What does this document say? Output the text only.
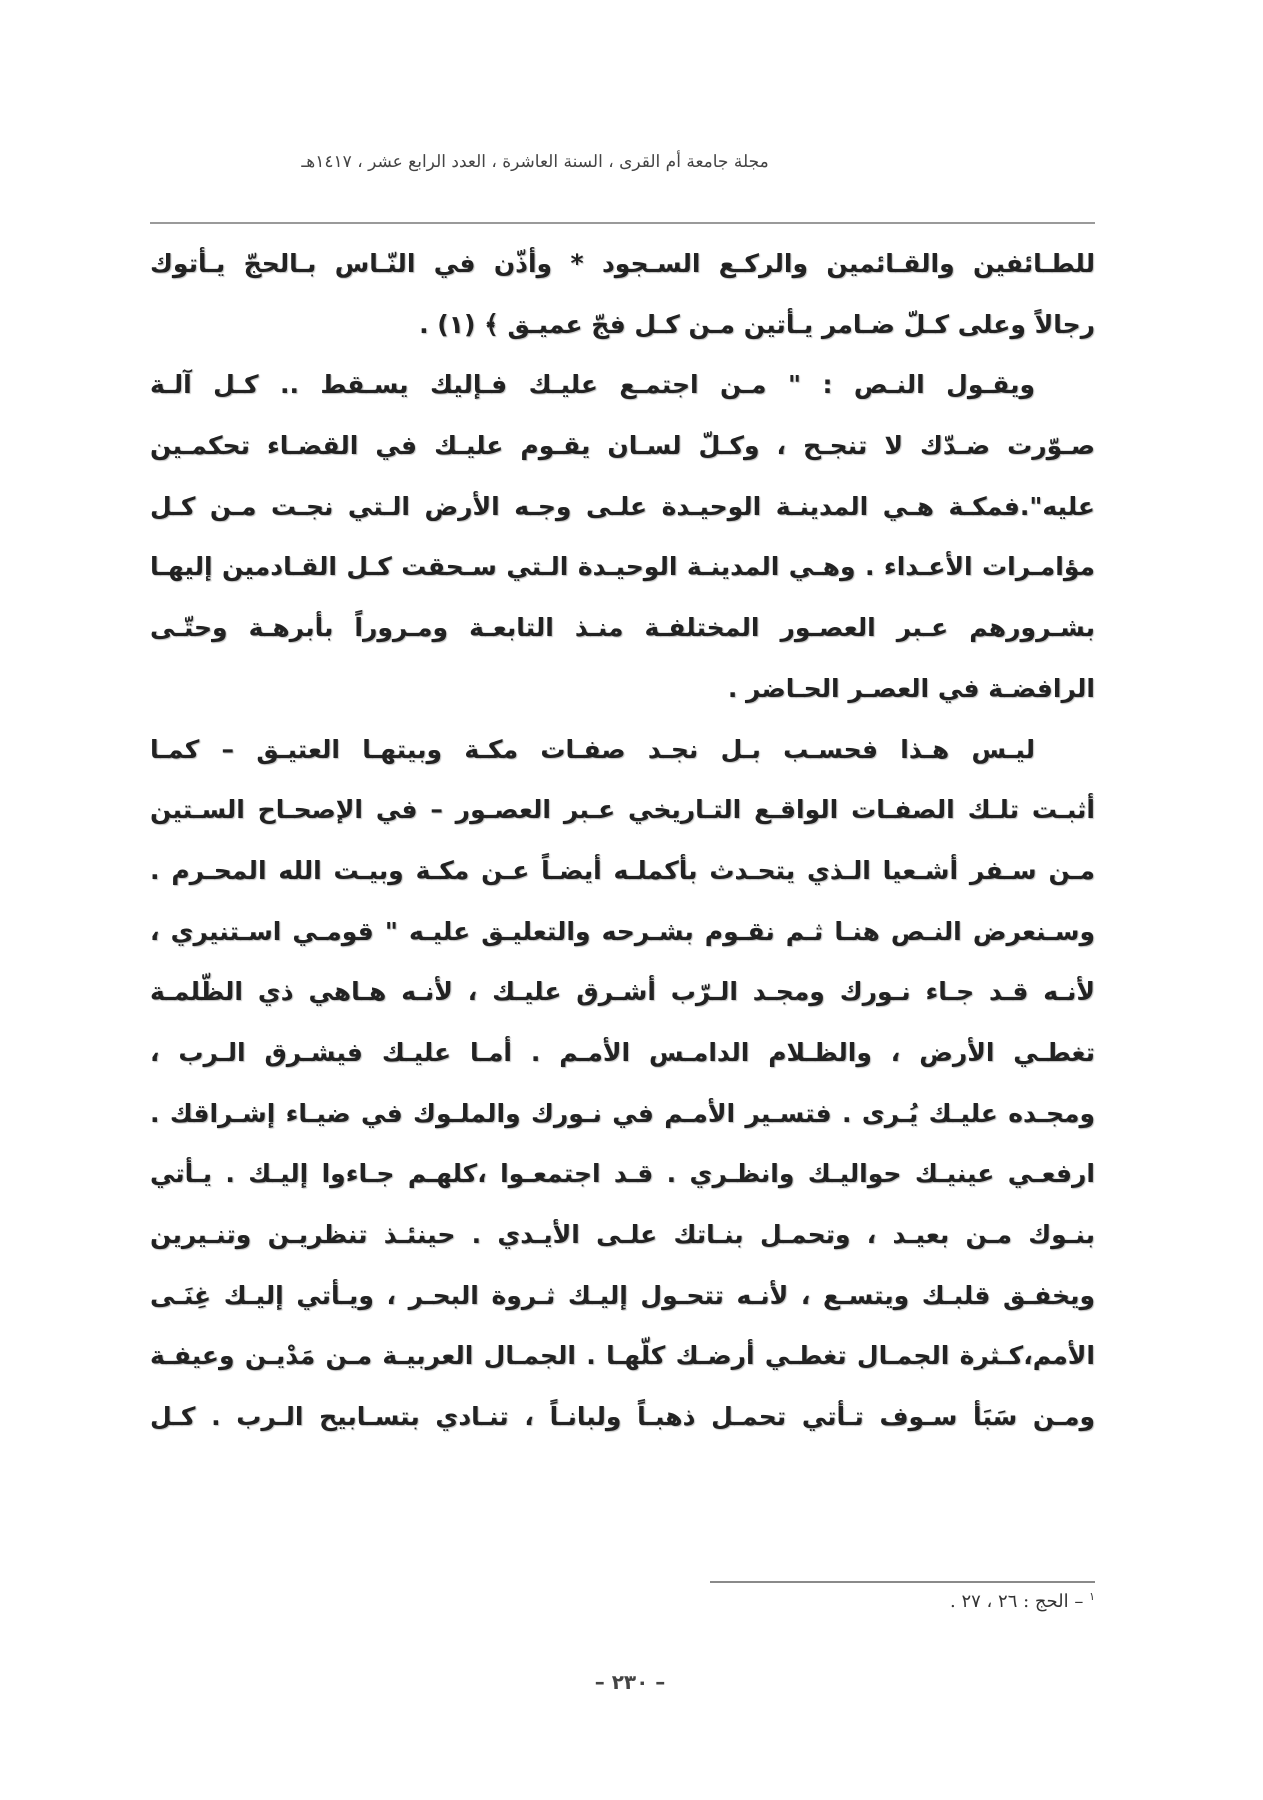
مجلة جامعة أم القرى ، السنة العاشرة ، العدد الرابع عشر ، ١٤١٧هـ
للطـائفين والقـائمين والركـع السـجود * وأذّن في النّـاس بـالحجّ يـأتوك
رجالاً وعلى كـلّ ضـامر يـأتين مـن كـل فجّ عميـق ﴾ (١) .
ويقـول النـص : " مـن اجتمـع عليـك فـإليك يسـقط .. كـل آلـة
صـوّرت ضـدّك لا تنجـح ، وكـلّ لسـان يقـوم عليـك في القضـاء تحكمـين
عليه".فمكـة هـي المدينـة الوحيـدة علـى وجـه الأرض الـتي نجـت مـن كـل
مؤامـرات الأعـداء . وهـي المدينـة الوحيـدة الـتي سـحقت كـل القـادمين إليهـا
بشـرورهم عـبر العصـور المختلفـة منـذ التابعـة ومـروراً بأبرهـة وحتّـى
الرافضـة في العصـر الحـاضر .
ليـس هـذا فحسـب بـل نجـد صفـات مكـة وبيتهـا العتيـق – كمـا
أثبـت تلـك الصفـات الواقـع التـاريخي عـبر العصـور – في الإصحـاح السـتين
مـن سـفر أشـعيا الـذي يتحـدث بأكملـه أيضـاً عـن مكـة وبيـت الله المحـرم .
وسـنعرض النـص هنـا ثـم نقـوم بشـرحه والتعليـق عليـه " قومـي اسـتنيري ،
لأنـه قـد جـاء نـورك ومجـد الـرّب أشـرق عليـك ، لأنـه هـاهي ذي الظّلمـة
تغطـي الأرض ، والظـلام الدامـس الأمـم . أمـا عليـك فيشـرق الـرب ،
ومجـده عليـك يُـرى . فتسـير الأمـم في نـورك والملـوك في ضيـاء إشـراقك .
ارفعـي عينيـك حواليـك وانظـري . قـد اجتمعـوا ،كلهـم جـاءوا إليـك . يـأتي
بنـوك مـن بعيـد ، وتحمـل بنـاتك علـى الأيـدي . حينئـذ تنظريـن وتنـيرين
ويخفـق قلبـك ويتسـع ، لأنـه تتحـول إليـك ثـروة البحـر ، ويـأتي إليـك غِنَـى
الأمم،كـثرة الجمـال تغطـي أرضـك كلّهـا . الجمـال العربيـة مـن مَدْيـن وعيفـة
ومـن سَبَأ سـوف تـأتي تحمـل ذهبـاً ولبانـاً ، تنـادي بتسـابيح الـرب . كـل
$^١$ – الحج : ٢٦ ، ٢٧ .
– ٢٣٠ –
